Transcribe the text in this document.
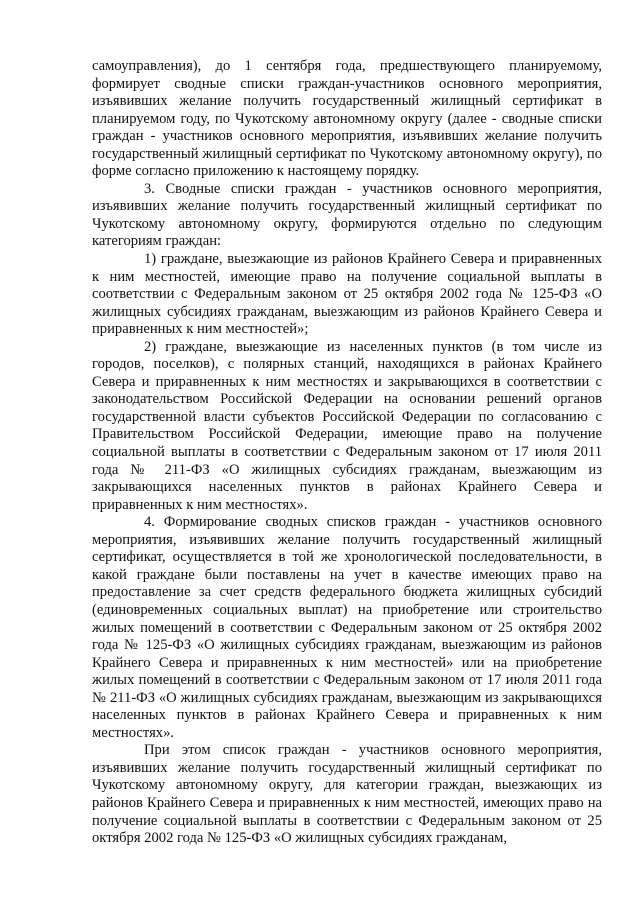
самоуправления), до 1 сентября года, предшествующего планируемому, формирует сводные списки граждан-участников основного мероприятия, изъявивших желание получить государственный жилищный сертификат в планируемом году, по Чукотскому автономному округу (далее - сводные списки граждан - участников основного мероприятия, изъявивших желание получить государственный жилищный сертификат по Чукотскому автономному округу), по форме согласно приложению к настоящему порядку.

3. Сводные списки граждан - участников основного мероприятия, изъявивших желание получить государственный жилищный сертификат по Чукотскому автономному округу, формируются отдельно по следующим категориям граждан:

1) граждане, выезжающие из районов Крайнего Севера и приравненных к ним местностей, имеющие право на получение социальной выплаты в соответствии с Федеральным законом от 25 октября 2002 года № 125-ФЗ «О жилищных субсидиях гражданам, выезжающим из районов Крайнего Севера и приравненных к ним местностей»;

2) граждане, выезжающие из населенных пунктов (в том числе из городов, поселков), с полярных станций, находящихся в районах Крайнего Севера и приравненных к ним местностях и закрывающихся в соответствии с законодательством Российской Федерации на основании решений органов государственной власти субъектов Российской Федерации по согласованию с Правительством Российской Федерации, имеющие право на получение социальной выплаты в соответствии с Федеральным законом от 17 июля 2011 года № 211-ФЗ «О жилищных субсидиях гражданам, выезжающим из закрывающихся населенных пунктов в районах Крайнего Севера и приравненных к ним местностях».

4. Формирование сводных списков граждан - участников основного мероприятия, изъявивших желание получить государственный жилищный сертификат, осуществляется в той же хронологической последовательности, в какой граждане были поставлены на учет в качестве имеющих право на предоставление за счет средств федерального бюджета жилищных субсидий (единовременных социальных выплат) на приобретение или строительство жилых помещений в соответствии с Федеральным законом от 25 октября 2002 года № 125-ФЗ «О жилищных субсидиях гражданам, выезжающим из районов Крайнего Севера и приравненных к ним местностей» или на приобретение жилых помещений в соответствии с Федеральным законом от 17 июля 2011 года № 211-ФЗ «О жилищных субсидиях гражданам, выезжающим из закрывающихся населенных пунктов в районах Крайнего Севера и приравненных к ним местностях».

При этом список граждан - участников основного мероприятия, изъявивших желание получить государственный жилищный сертификат по Чукотскому автономному округу, для категории граждан, выезжающих из районов Крайнего Севера и приравненных к ним местностей, имеющих право на получение социальной выплаты в соответствии с Федеральным законом от 25 октября 2002 года № 125-ФЗ «О жилищных субсидиях гражданам,
